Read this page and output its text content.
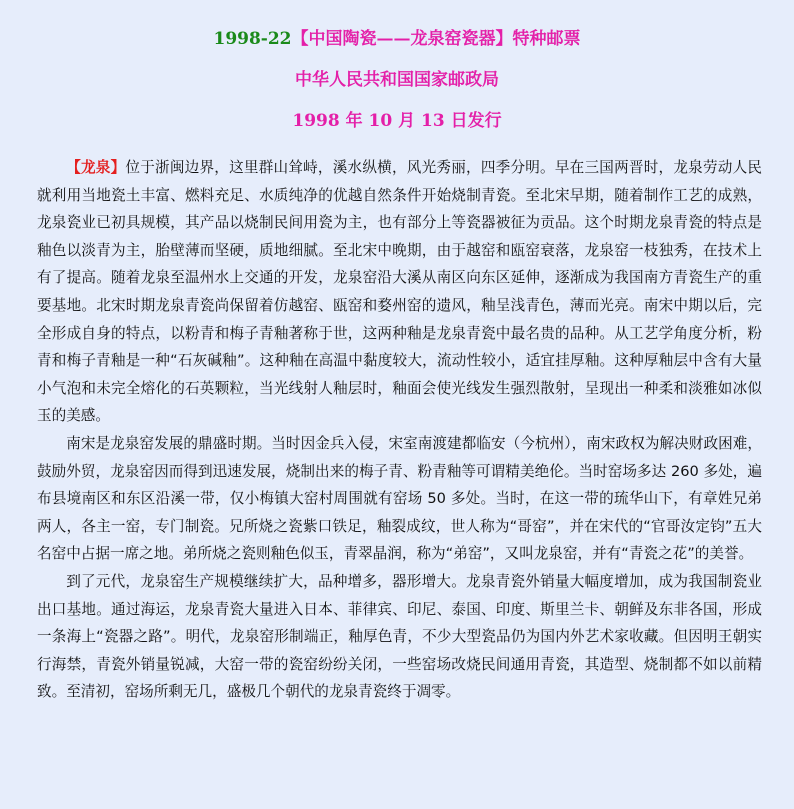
1998-22【中国陶瓷——龙泉窑瓷器】特种邮票
中华人民共和国国家邮政局
1998 年 10 月 13 日发行

【龙泉】位于浙闽边界，这里群山耸峙，溪水纵横，风光秀丽，四季分明。早在三国两晋时，龙泉劳动人民就利用当地瓷土丰富、燃料充足、水质纯净的优越自然条件开始烧制青瓷。至北宋早期，随着制作工艺的成熟，龙泉瓷业已初具规模，其产品以烧制民间用瓷为主，也有部分上等瓷器被征为贡品。这个时期龙泉青瓷的特点是釉色以淡青为主，胎壁薄而坚硬，质地细腻。至北宋中晚期，由于越窑和瓯窑衰落，龙泉窑一枝独秀，在技术上有了提高。随着龙泉至温州水上交通的开发，龙泉窑沿大溪从南区向东区延伸，逐渐成为我国南方青瓷生产的重要基地。北宋时期龙泉青瓷尚保留着仿越窑、瓯窑和婺州窑的遗风，釉呈浅青色，薄而光亮。南宋中期以后，完全形成自身的特点，以粉青和梅子青釉著称于世，这两种釉是龙泉青瓷中最名贵的品种。从工艺学角度分析，粉青和梅子青釉是一种“石灰碱釉”。这种釉在高温中黏度较大，流动性较小，适宜挂厚釉。这种厚釉层中含有大量小气泡和未完全熔化的石英颗粒，当光线射人釉层时，釉面会使光线发生强烈散射，呈现出一种柔和淡雅如冰似玉的美感。

南宋是龙泉窑发展的鼎盛时期。当时因金兵入侵，宋室南渡建都临安（今杭州），南宋政权为解决财政困难，鼓励外贸，龙泉窑因而得到迅速发展，烧制出来的梅子青、粉青釉等可谓精美绝伦。当时窑场多达 260 多处，遍布县境南区和东区沿溪一带，仅小梅镇大窑村周围就有窑场 50 多处。当时，在这一带的琉华山下，有章姓兄弟两人，各主一窑，专门制瓷。兄所烧之瓷紫口铁足，釉裂成纹，世人称为“哥窑”，并在宋代的“官哥汝定钧”五大名窑中占据一席之地。弟所烧之瓷则釉色似玉，青翠晶润，称为“弟窑”，又叫龙泉窑，并有“青瓷之花”的美誉。

到了元代，龙泉窑生产规模继续扩大，品种增多，器形增大。龙泉青瓷外销量大幅度增加，成为我国制瓷业出口基地。通过海运，龙泉青瓷大量进入日本、菲律宾、印尼、泰国、印度、斯里兰卡、朝鲜及东非各国，形成一条海上“瓷器之路”。明代，龙泉窑形制端正，釉厚色青，不少大型瓷品仍为国内外艺术家收藏。但因明王朝实行海禁，青瓷外销量锐减，大窑一带的瓷窑纷纷关闭，一些窑场改烧民间通用青瓷，其造型、烧制都不如以前精致。至清初，窑场所剩无几，盛极几个朝代的龙泉青瓷终于凋零。
